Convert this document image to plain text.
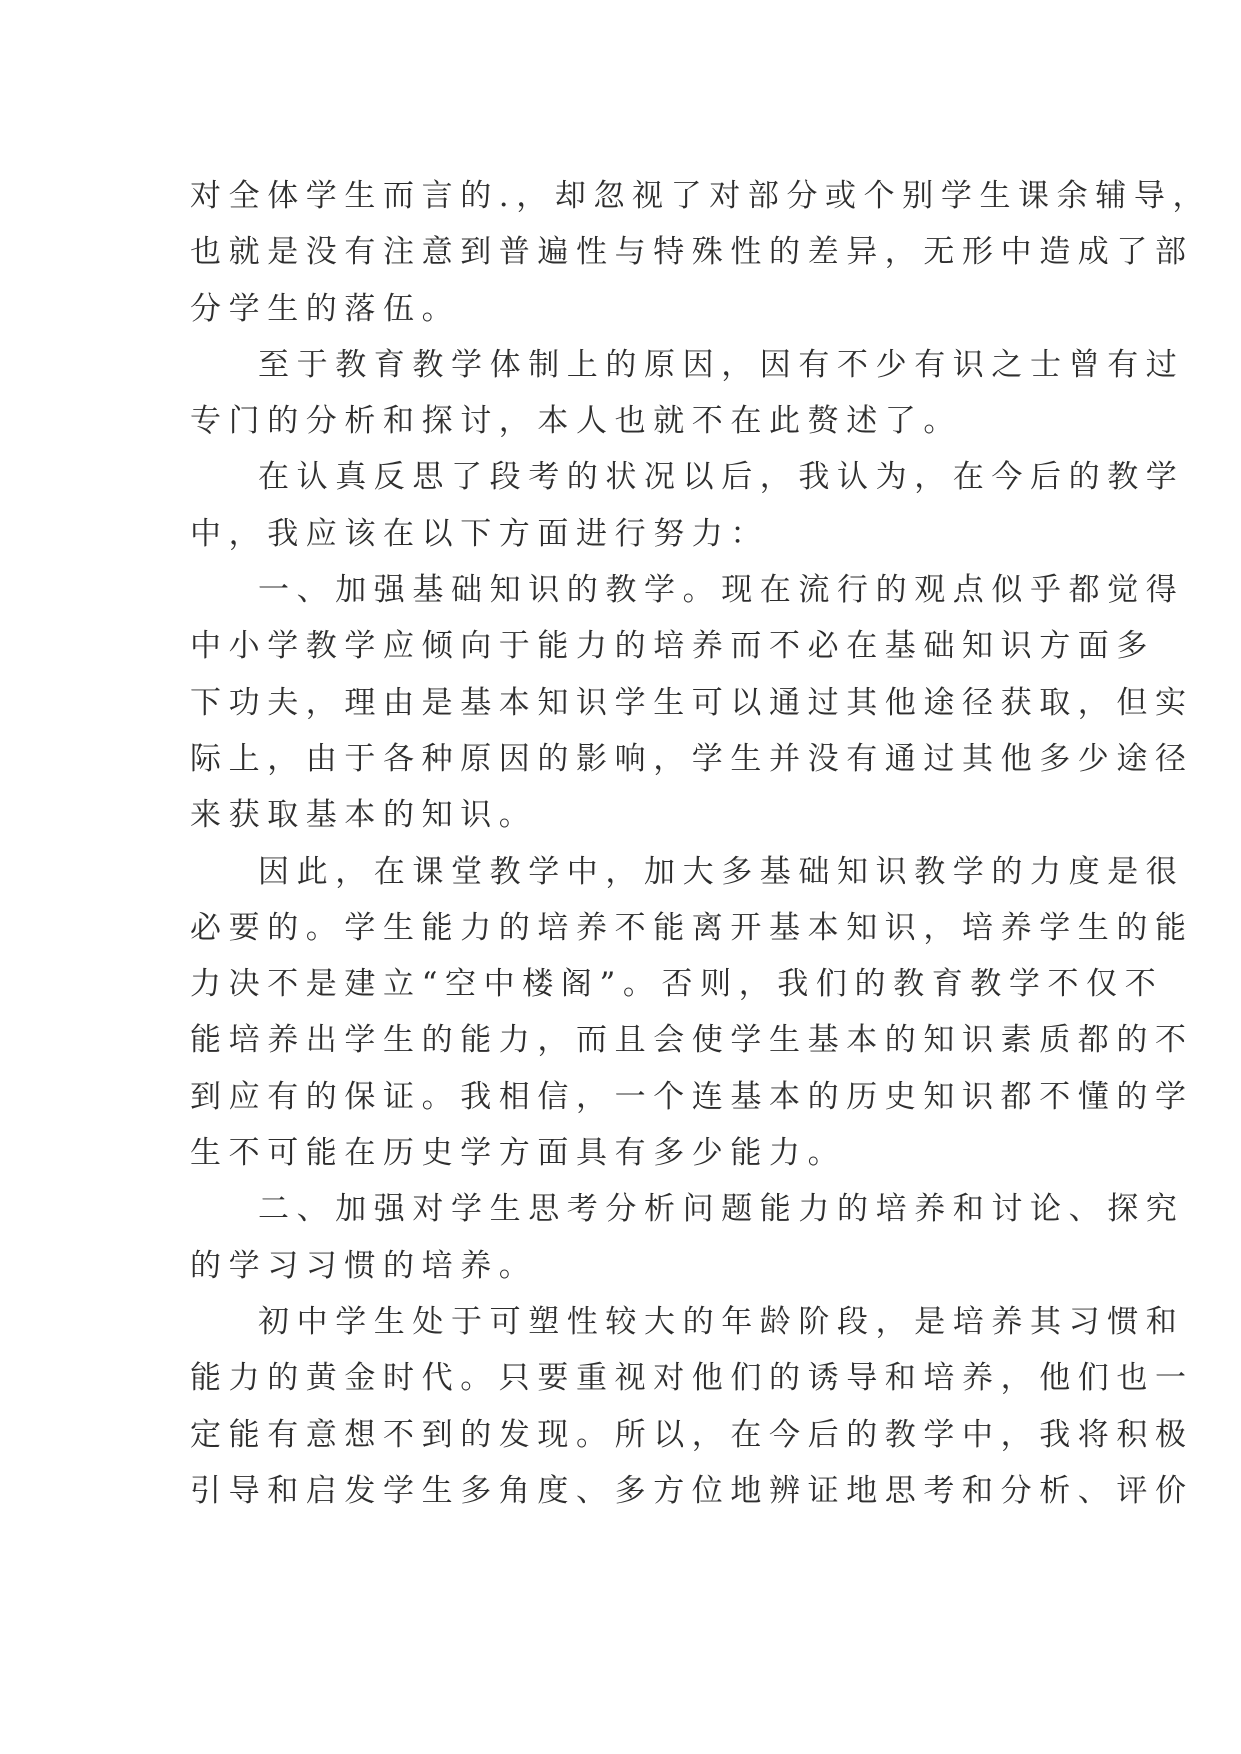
对全体学生而言的.，却忽视了对部分或个别学生课余辅导，
也就是没有注意到普遍性与特殊性的差异，无形中造成了部
分学生的落伍。
至于教育教学体制上的原因，因有不少有识之士曾有过
专门的分析和探讨，本人也就不在此赘述了。
在认真反思了段考的状况以后，我认为，在今后的教学
中，我应该在以下方面进行努力：
一、加强基础知识的教学。现在流行的观点似乎都觉得
中小学教学应倾向于能力的培养而不必在基础知识方面多
下功夫，理由是基本知识学生可以通过其他途径获取，但实
际上，由于各种原因的影响，学生并没有通过其他多少途径
来获取基本的知识。
因此，在课堂教学中，加大多基础知识教学的力度是很
必要的。学生能力的培养不能离开基本知识，培养学生的能
力决不是建立“空中楼阁”。否则，我们的教育教学不仅不
能培养出学生的能力，而且会使学生基本的知识素质都的不
到应有的保证。我相信，一个连基本的历史知识都不懂的学
生不可能在历史学方面具有多少能力。
二、加强对学生思考分析问题能力的培养和讨论、探究
的学习习惯的培养。
初中学生处于可塑性较大的年龄阶段，是培养其习惯和
能力的黄金时代。只要重视对他们的诱导和培养，他们也一
定能有意想不到的发现。所以，在今后的教学中，我将积极
引导和启发学生多角度、多方位地辨证地思考和分析、评价
